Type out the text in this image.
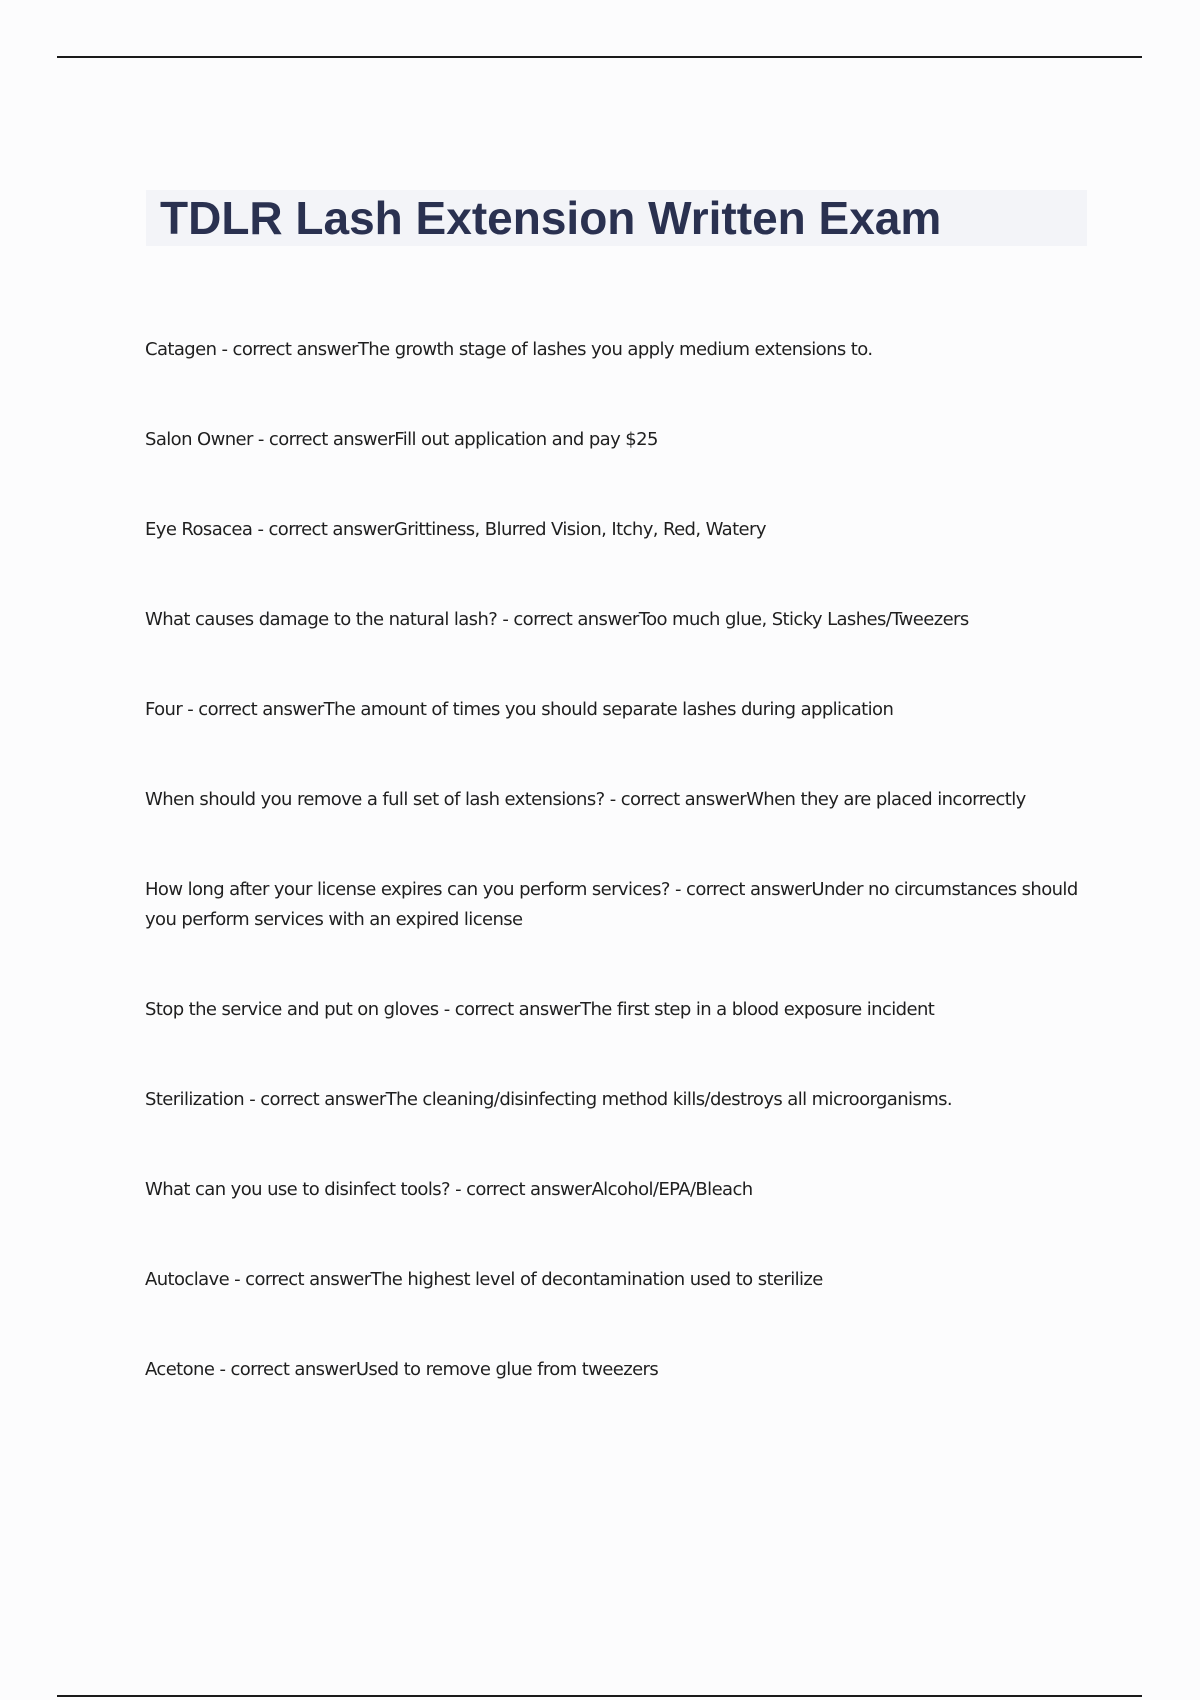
TDLR Lash Extension Written Exam
Catagen - correct answerThe growth stage of lashes you apply medium extensions to.
Salon Owner - correct answerFill out application and pay $25
Eye Rosacea - correct answerGrittiness, Blurred Vision, Itchy, Red, Watery
What causes damage to the natural lash? - correct answerToo much glue, Sticky Lashes/Tweezers
Four - correct answerThe amount of times you should separate lashes during application
When should you remove a full set of lash extensions? - correct answerWhen they are placed incorrectly
How long after your license expires can you perform services? - correct answerUnder no circumstances should you perform services with an expired license
Stop the service and put on gloves - correct answerThe first step in a blood exposure incident
Sterilization - correct answerThe cleaning/disinfecting method kills/destroys all microorganisms.
What can you use to disinfect tools? - correct answerAlcohol/EPA/Bleach
Autoclave - correct answerThe highest level of decontamination used to sterilize
Acetone - correct answerUsed to remove glue from tweezers
